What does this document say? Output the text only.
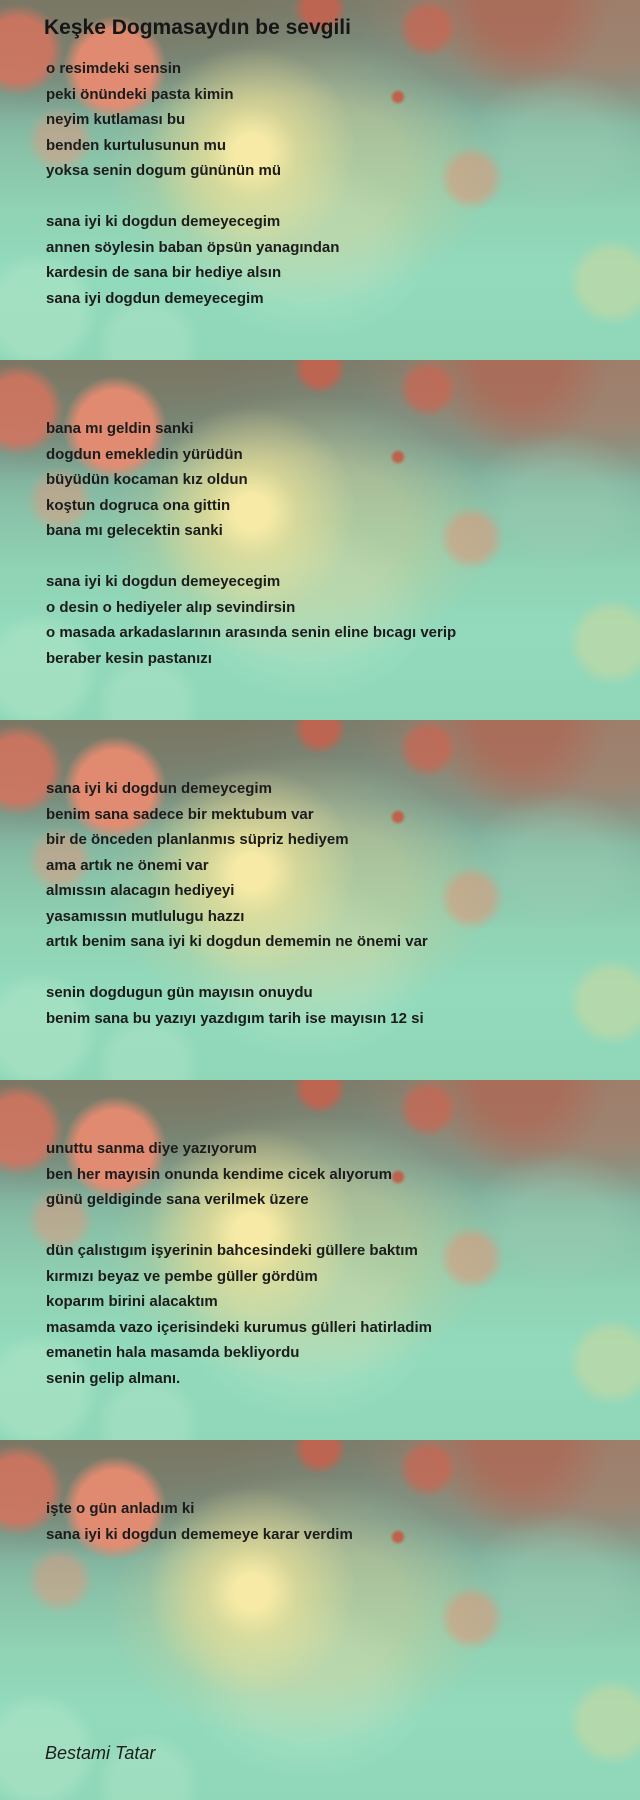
Keşke Dogmasaydın be sevgili
o resimdeki sensin
peki önündeki pasta kimin
neyim kutlaması bu
benden kurtulusunun mu
yoksa senin dogum gününün mü

sana iyi ki dogdun demeyecegim
annen söylesin baban öpsün yanagından
kardesin de sana bir hediye alsın
sana iyi dogdun demeyecegim
bana mı geldin sanki
dogdun emekledin yürüdün
büyüdün kocaman kız oldun
koştun dogruca ona gittin
bana mı gelecektin sanki

sana iyi ki dogdun demeyecegim
o desin o hediyeler alıp sevindirsin
o masada arkadaslarının arasında senin eline bıcagı verip
beraber kesin pastanızı
sana iyi ki dogdun demeycegim
benim sana sadece bir mektubum var
bir de önceden planlanmıs süpriz hediyem
ama artık ne önemi var
almıssın alacagın hediyeyi
yasamıssın mutlulugu hazzı
artık benim sana iyi ki dogdun dememin ne önemi var

senin dogdugun gün mayısın onuydu
benim sana bu yazıyı yazdıgım tarih ise mayısın 12 si
unuttu sanma diye yazıyorum
ben her mayısin onunda kendime cicek alıyorum
günü geldiginde sana verilmek üzere

dün çalıstıgım işyerinin bahcesindeki güllere baktım
kırmızı beyaz ve pembe güller gördüm
koparım birini alacaktım
masamda vazo içerisindeki kurumus gülleri hatirladim
emanetin hala masamda bekliyordu
senin gelip almanı.
işte o gün anladım ki
sana iyi ki dogdun dememeye karar verdim
Bestami Tatar
